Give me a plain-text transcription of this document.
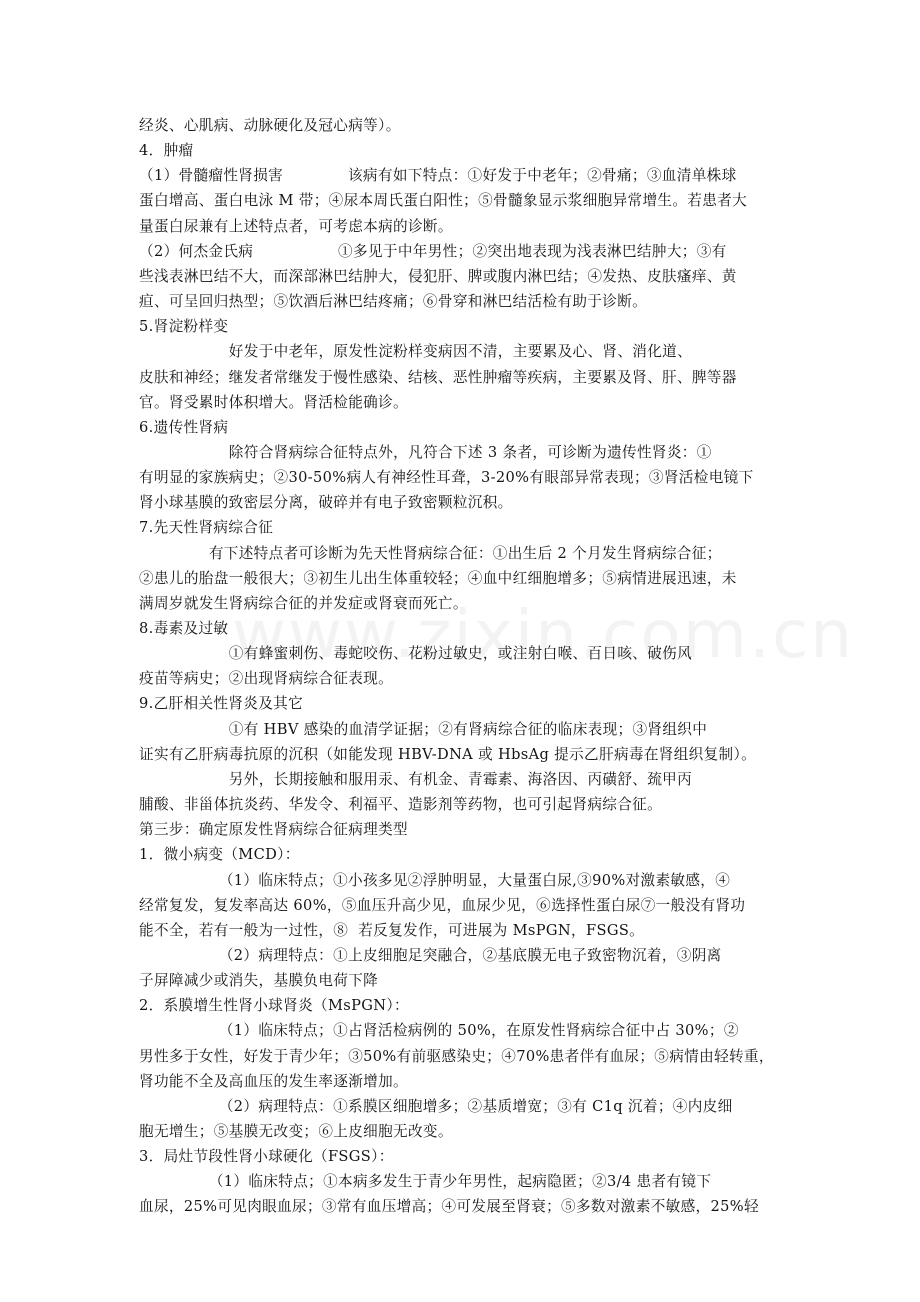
经炎、心肌病、动脉硬化及冠心病等）。
4．肿瘤
（1）骨髓瘤性肾损害             该病有如下特点：①好发于中老年；②骨痛；③血清单株球
蛋白增高、蛋白电泳 M 带；④尿本周氏蛋白阳性；⑤骨髓象显示浆细胞异常增生。若患者大
量蛋白尿兼有上述特点者，可考虑本病的诊断。
（2）何杰金氏病                 ①多见于中年男性；②突出地表现为浅表淋巴结肿大；③有
些浅表淋巴结不大，而深部淋巴结肿大，侵犯肝、脾或腹内淋巴结；④发热、皮肤瘙痒、黄
疸、可呈回归热型；⑤饮酒后淋巴结疼痛；⑥骨穿和淋巴结活检有助于诊断。
5.肾淀粉样变
好发于中老年，原发性淀粉样变病因不清，主要累及心、肾、消化道、
皮肤和神经；继发者常继发于慢性感染、结核、恶性肿瘤等疾病，主要累及肾、肝、脾等器
官。肾受累时体积增大。肾活检能确诊。
6.遗传性肾病
除符合肾病综合征特点外，凡符合下述 3 条者，可诊断为遗传性肾炎：①
有明显的家族病史；②30-50%病人有神经性耳聋，3-20%有眼部异常表现；③肾活检电镜下
肾小球基膜的致密层分离，破碎并有电子致密颗粒沉积。
7.先天性肾病综合征
有下述特点者可诊断为先天性肾病综合征：①出生后 2 个月发生肾病综合征；
②患儿的胎盘一般很大；③初生儿出生体重较轻；④血中红细胞增多；⑤病情进展迅速，未
满周岁就发生肾病综合征的并发症或肾衰而死亡。
8.毒素及过敏
①有蜂蜜刺伤、毒蛇咬伤、花粉过敏史，或注射白喉、百日咳、破伤风
疫苗等病史；②出现肾病综合征表现。
9.乙肝相关性肾炎及其它
①有 HBV 感染的血清学证据；②有肾病综合征的临床表现；③肾组织中
证实有乙肝病毒抗原的沉积（如能发现 HBV-DNA 或 HbsAg 提示乙肝病毒在肾组织复制）。
另外，长期接触和服用汞、有机金、青霉素、海洛因、丙磺舒、巯甲丙
脯酸、非甾体抗炎药、华发令、利福平、造影剂等药物，也可引起肾病综合征。
第三步：确定原发性肾病综合征病理类型
1．微小病变（MCD）：
（1）临床特点；①小孩多见②浮肿明显，大量蛋白尿,③90%对激素敏感，④
经常复发，复发率高达 60%，⑤血压升高少见，血尿少见，⑥选择性蛋白尿⑦一般没有肾功
能不全，若有一般为一过性，⑧  若反复发作，可进展为 MsPGN，FSGS。
（2）病理特点：①上皮细胞足突融合，②基底膜无电子致密物沉着，③阴离
子屏障减少或消失，基膜负电荷下降
2．系膜增生性肾小球肾炎（MsPGN）：
（1）临床特点；①占肾活检病例的 50%，在原发性肾病综合征中占 30%；②
男性多于女性，好发于青少年；③50%有前驱感染史；④70%患者伴有血尿；⑤病情由轻转重，
肾功能不全及高血压的发生率逐渐增加。
（2）病理特点：①系膜区细胞增多；②基质增宽；③有 C1q 沉着；④内皮细
胞无增生；⑤基膜无改变；⑥上皮细胞无改变。
3．局灶节段性肾小球硬化（FSGS）：
（1）临床特点；①本病多发生于青少年男性，起病隐匿；②3/4 患者有镜下
血尿，25%可见肉眼血尿；③常有血压增高；④可发展至肾衰；⑤多数对激素不敏感，25%轻
